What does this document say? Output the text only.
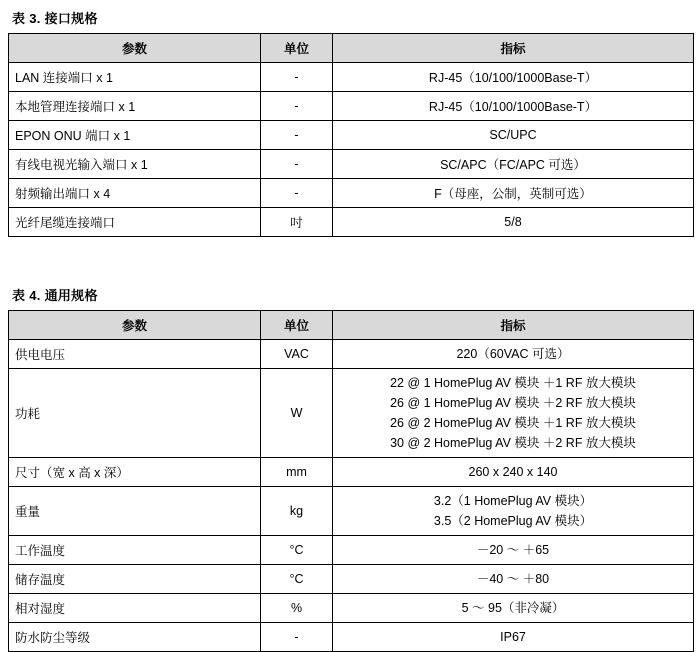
表 3. 接口规格
参数	单位	指标
LAN 连接端口 x 1	-	RJ-45（10/100/1000Base-T）
本地管理连接端口 x 1	-	RJ-45（10/100/1000Base-T）
EPON ONU 端口 x 1	-	SC/UPC
有线电视光输入端口 x 1	-	SC/APC（FC/APC 可选）
射频输出端口 x 4	-	F（母座，公制，英制可选）
光纤尾缆连接端口	吋	5/8
表 4. 通用规格
参数	单位	指标
供电电压	VAC	220（60VAC 可选）

功耗	W	22 @ 1 HomePlug AV 模块 ＋1 RF 放大模块
26 @ 1 HomePlug AV 模块 ＋2 RF 放大模块
26 @ 2 HomePlug AV 模块 ＋1 RF 放大模块
30 @ 2 HomePlug AV 模块 ＋2 RF 放大模块

尺寸（宽 x 高 x 深）	mm	260 x 240 x 140

重量	kg	3.2（1 HomePlug AV 模块）
3.5（2 HomePlug AV 模块）

工作温度	°C	－20 ～ ＋65

储存温度	°C	－40 ～ ＋80

相对湿度	%	5 ～ 95（非冷凝）

防水防尘等级	-	IP67
